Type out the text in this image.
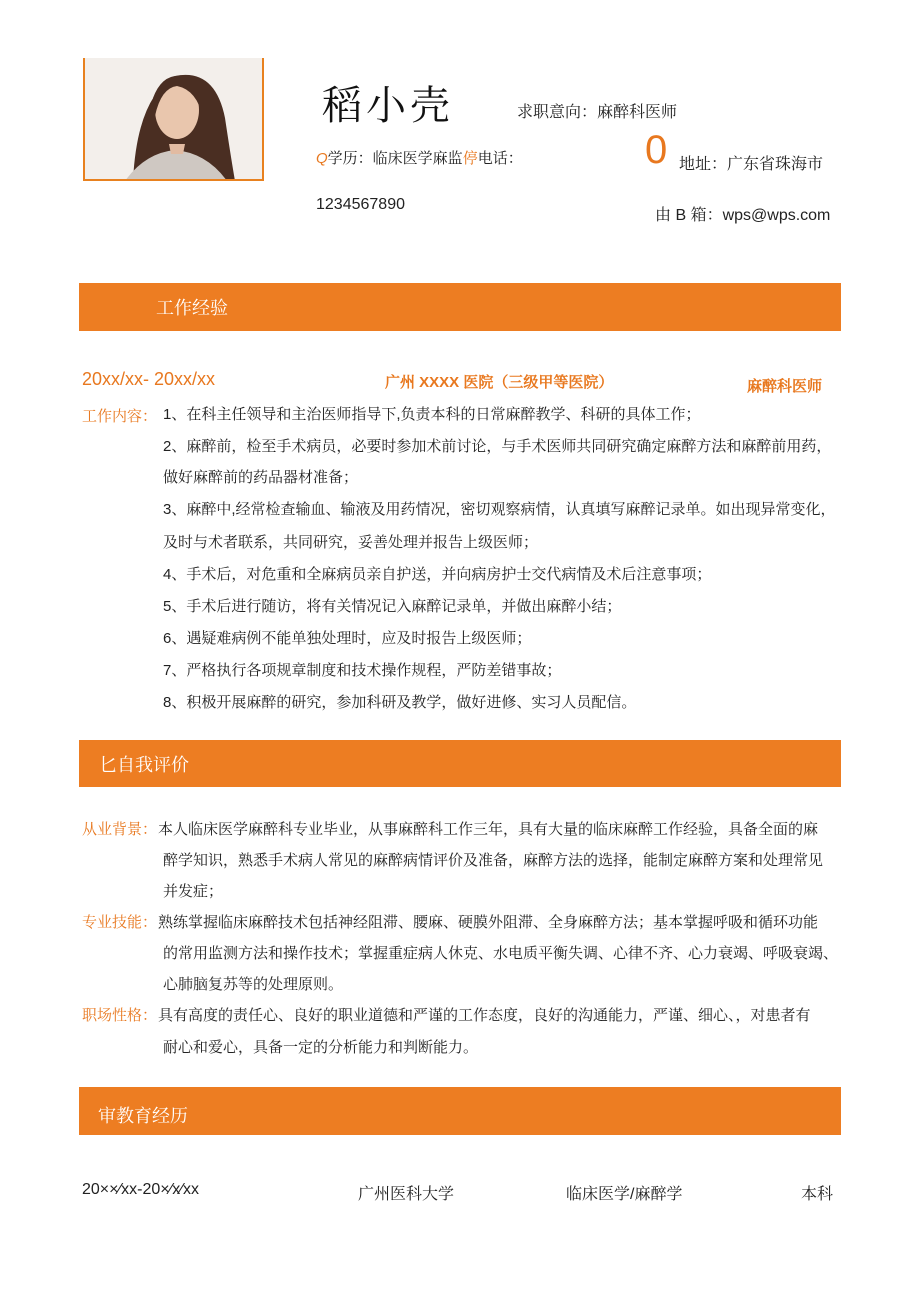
稻小壳	求职意向：麻醉科医师
Q学历：临床医学麻监停电话：	0 地址：广东省珠海市
1234567890
由 B 箱：wps@wps.com
工作经验
20xx/xx- 20xx/xx	广州 XXXX 医院（三级甲等医院）	麻醉科医师
工作内容： 1、在科主任领导和主治医师指导下,负责本科的日常麻醉教学、科研的具体工作；
2、麻醉前，检至手术病员，必要时参加术前讨论，与手术医师共同研究确定麻醉方法和麻醉前用药，
做好麻醉前的药品器材准备；
3、麻醉中,经常检查输血、输液及用药情况，密切观察病情，认真填写麻醉记录单。如出现异常变化，
及时与术者联系，共同研究，妥善处理并报告上级医师；
4、手术后，对危重和全麻病员亲自护送，并向病房护士交代病情及术后注意事项；
5、手术后进行随访，将有关情况记入麻醉记录单，并做出麻醉小结；
6、遇疑难病例不能单独处理时，应及时报告上级医师；
7、严格执行各项规章制度和技术操作规程，严防差错事故；
8、积极开展麻醉的研究，参加科研及教学，做好进修、实习人员配信。
匕自我评价
从业背景： 本人临床医学麻醉科专业毕业，从事麻醉科工作三年，具有大量的临床麻醉工作经验，具备全面的麻
醉学知识，熟悉手术病人常见的麻醉病情评价及准备，麻醉方法的选择，能制定麻醉方案和处理常见
并发症；
专业技能： 熟练掌握临床麻醉技术包括神经阻滞、腰麻、硬膜外阻滞、全身麻醉方法；基本掌握呼吸和循环功能
的常用监测方法和操作技术；掌握重症病人休克、水电质平衡失调、心律不齐、心力衰竭、呼吸衰竭、
心肺脑复苏等的处理原则。
职场性格： 具有高度的责任心、良好的职业道德和严谨的工作态度，良好的沟通能力，严谨、细心、，对患者有
耐心和爱心，具备一定的分析能力和判断能力。
审教育经历
20××⁄xx-20×⁄x⁄xx	广州医科大学	临床医学/麻醉学	本科
